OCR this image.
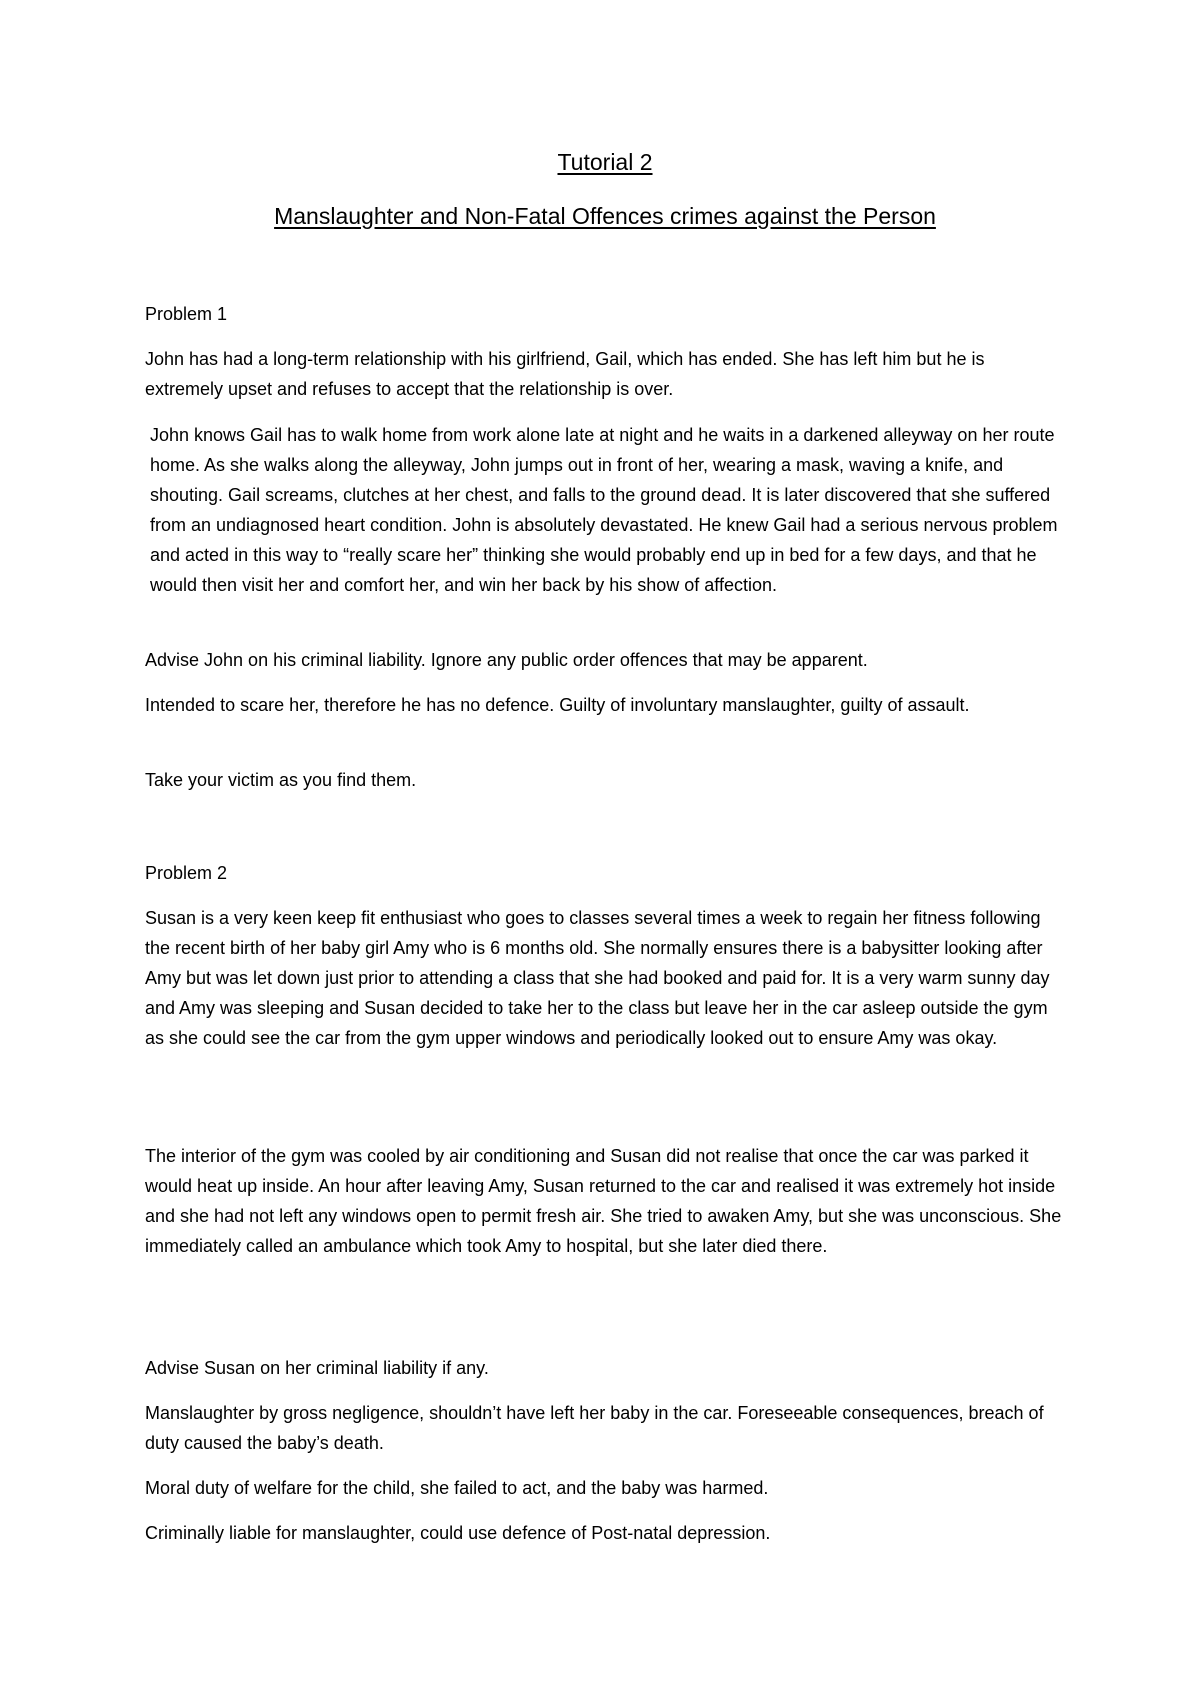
Tutorial 2
Manslaughter and Non-Fatal Offences crimes against the Person

Problem 1

John has had a long-term relationship with his girlfriend, Gail, which has ended. She has left him but he is extremely upset and refuses to accept that the relationship is over.

John knows Gail has to walk home from work alone late at night and he waits in a darkened alleyway on her route home. As she walks along the alleyway, John jumps out in front of her, wearing a mask, waving a knife, and shouting. Gail screams, clutches at her chest, and falls to the ground dead. It is later discovered that she suffered from an undiagnosed heart condition. John is absolutely devastated. He knew Gail had a serious nervous problem and acted in this way to “really scare her” thinking she would probably end up in bed for a few days, and that he would then visit her and comfort her, and win her back by his show of affection.

Advise John on his criminal liability. Ignore any public order offences that may be apparent.

Intended to scare her, therefore he has no defence. Guilty of involuntary manslaughter, guilty of assault.

Take your victim as you find them.

Problem 2

Susan is a very keen keep fit enthusiast who goes to classes several times a week to regain her fitness following the recent birth of her baby girl Amy who is 6 months old. She normally ensures there is a babysitter looking after Amy but was let down just prior to attending a class that she had booked and paid for. It is a very warm sunny day and Amy was sleeping and Susan decided to take her to the class but leave her in the car asleep outside the gym as she could see the car from the gym upper windows and periodically looked out to ensure Amy was okay.

The interior of the gym was cooled by air conditioning and Susan did not realise that once the car was parked it would heat up inside. An hour after leaving Amy, Susan returned to the car and realised it was extremely hot inside and she had not left any windows open to permit fresh air. She tried to awaken Amy, but she was unconscious. She immediately called an ambulance which took Amy to hospital, but she later died there.

Advise Susan on her criminal liability if any.

Manslaughter by gross negligence, shouldn’t have left her baby in the car. Foreseeable consequences, breach of duty caused the baby’s death.

Moral duty of welfare for the child, she failed to act, and the baby was harmed.

Criminally liable for manslaughter, could use defence of Post-natal depression.
